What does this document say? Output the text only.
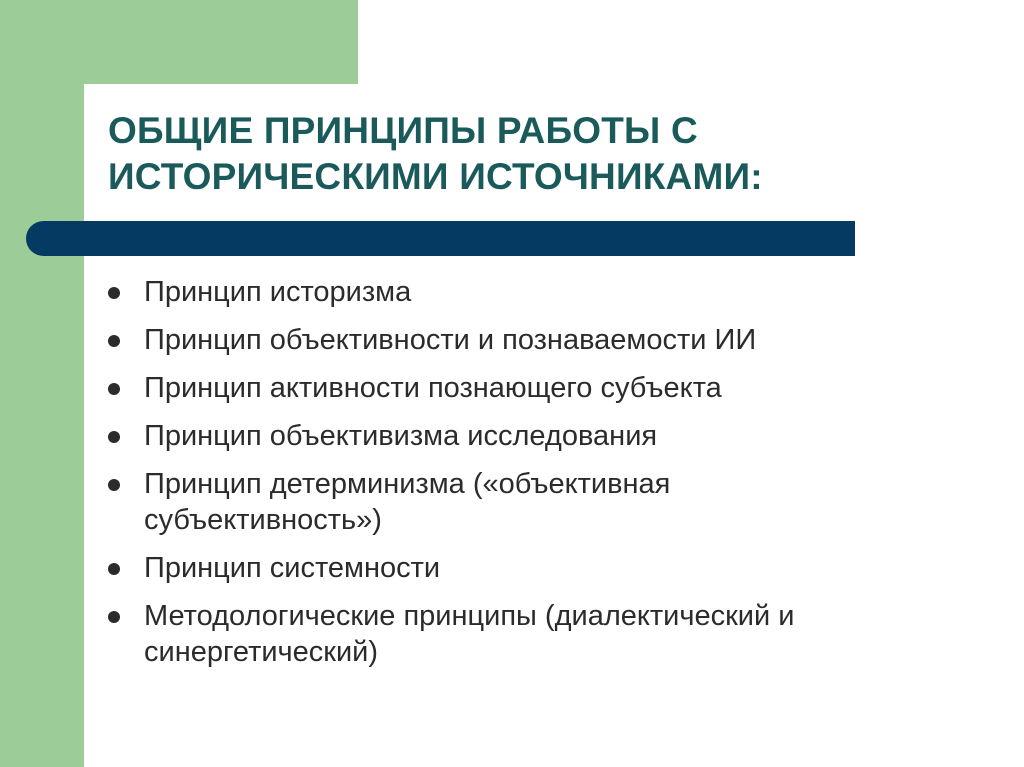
ОБЩИЕ ПРИНЦИПЫ РАБОТЫ С
ИСТОРИЧЕСКИМИ ИСТОЧНИКАМИ:
Принцип историзма
Принцип объективности и познаваемости ИИ
Принцип активности познающего субъекта
Принцип объективизма исследования
Принцип детерминизма («объективная субъективность»)
Принцип системности
Методологические принципы (диалектический и синергетический)
